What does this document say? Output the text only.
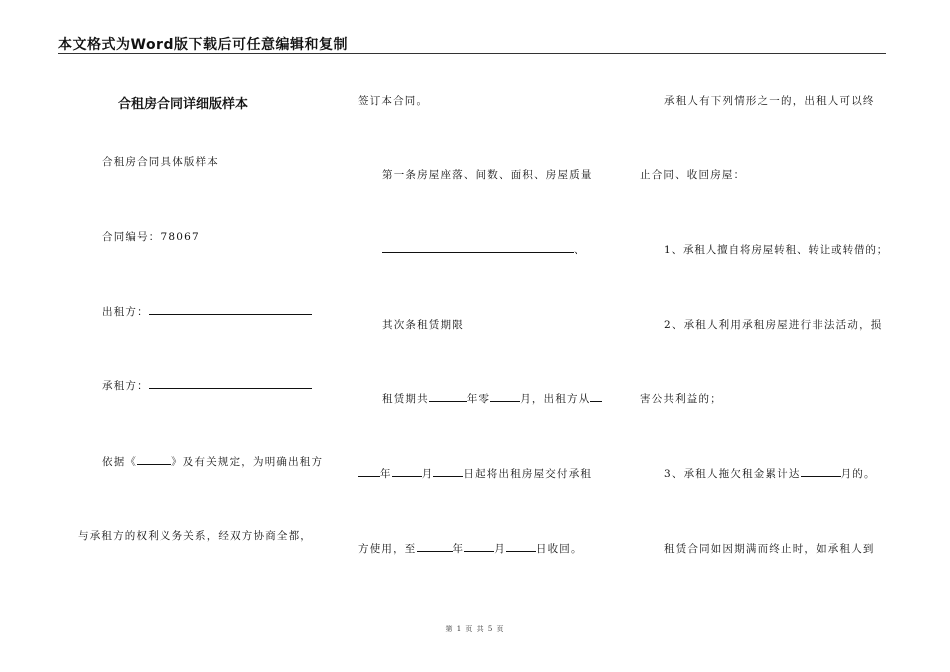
本文格式为Word版下载后可任意编辑和复制
合租房合同详细版样本
合租房合同具体版样本
合同编号：78067
出租方：
承租方：
依据《	》及有关规定，为明确出租方
与承租方的权利义务关系，经双方协商全都，
签订本合同。
第一条房屋座落、间数、面积、房屋质量
、
其次条租赁期限
租赁期共	年零	月，出租方从
年	月	日起将出租房屋交付承租
方使用，至	年	月	日收回。
承租人有下列情形之一的，出租人可以终
止合同、收回房屋：
1、承租人擅自将房屋转租、转让或转借的；
2、承租人利用承租房屋进行非法活动，损
害公共利益的；
3、承租人拖欠租金累计达	月的。
租赁合同如因期满而终止时，如承租人到
第 1 页 共 5 页
